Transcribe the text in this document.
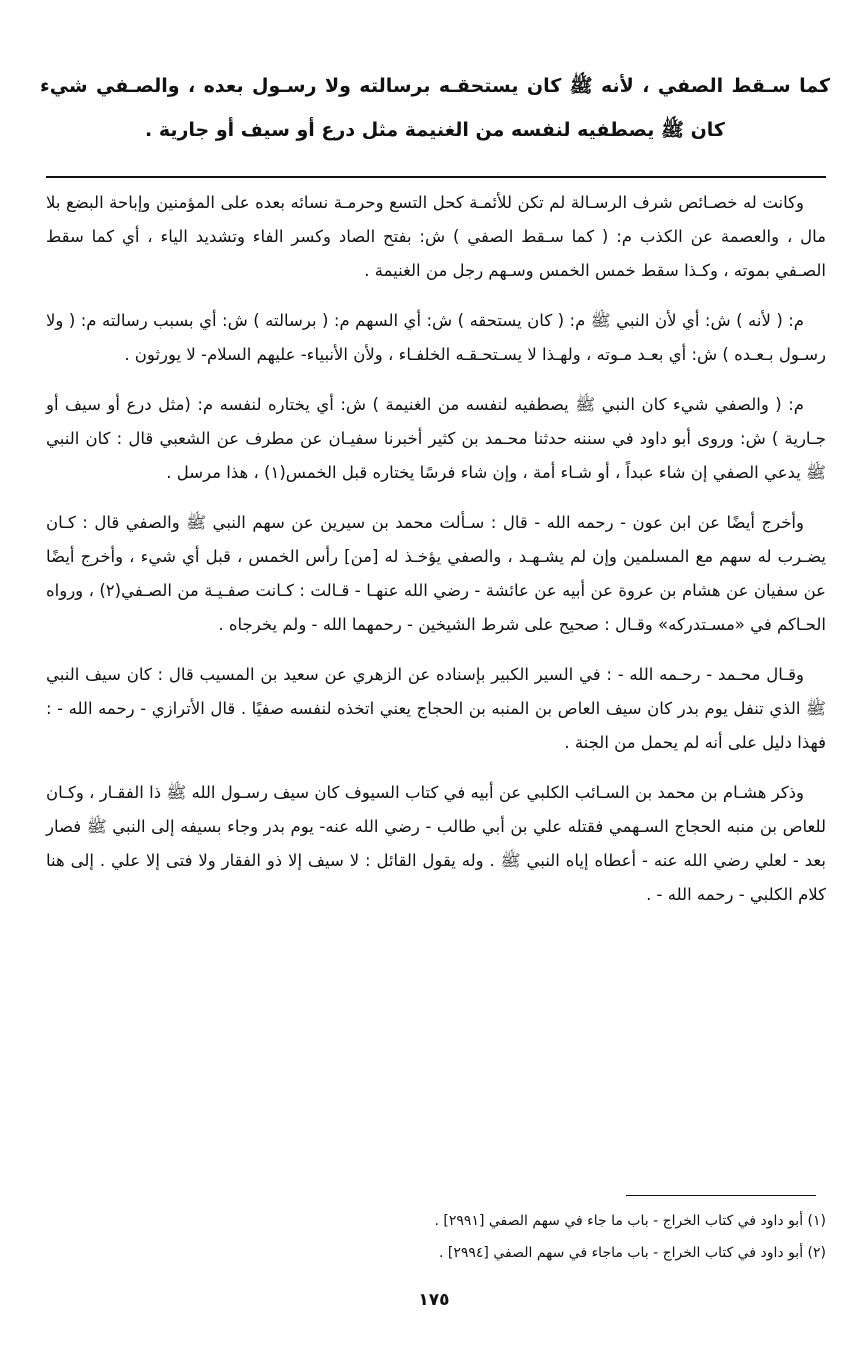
كما سـقط الصفي ، لأنه ﷺ كان يستحقـه برسالته ولا رسـول بعده ، والصـفي شيء كان ﷺ يصطفيه لنفسه من الغنيمة مثل درع أو سيف أو جارية .

وكانت له خصـائص شرف الرسـالة لم تكن للأئمـة كحل التسع وحرمـة نسائه بعده على المؤمنين وإباحة البضع بلا مال ، والعصمة عن الكذب م: ( كما سـقط الصفي ) ش: بفتح الصاد وكسر الفاء وتشديد الياء ، أي كما سقط الصـفي بموته ، وكـذا سقط خمس الخمس وسـهم رجل من الغنيمة .

م: ( لأنه ) ش: أي لأن النبي ﷺ م: ( كان يستحقه ) ش: أي السهم م: ( برسالته ) ش: أي بسبب رسالته م: ( ولا رسـول بـعـده ) ش: أي بعـد مـوته ، ولهـذا لا يسـتحـقـه الخلفـاء ، ولأن الأنبياء- عليهم السلام- لا يورثون .

م: ( والصفي شيء كان النبي ﷺ يصطفيه لنفسه من الغنيمة ) ش: أي يختاره لنفسه م: (مثل درع أو سيف أو جـارية ) ش: وروى أبو داود في سننه حدثنا محـمد بن كثير أخبرنا سفيـان عن مطرف عن الشعبي قال : كان النبي ﷺ يدعي الصفي إن شاء عبداً ، أو شـاء أمة ، وإن شاء فرسًا يختاره قبل الخمس(١) ، هذا مرسل .

وأخرج أيضًا عن ابن عون - رحمه الله - قال : سـألت محمد بن سيرين عن سهم النبي ﷺ والصفي قال : كـان يضـرب له سهم مع المسلمين وإن لم يشـهـد ، والصفي يؤخـذ له [من] رأس الخمس ، قبل أي شيء ، وأخرج أيضًا عن سفيان عن هشام بن عروة عن أبيه عن عائشة - رضي الله عنهـا - قـالت : كـانت صفـيـة من الصـفي(٢) ، ورواه الحـاكم في «مسـتدركه» وقـال : صحيح على شرط الشيخين - رحمهما الله - ولم يخرجاه .

وقـال محـمد - رحـمه الله - : في السير الكبير بإسناده عن الزهري عن سعيد بن المسيب قال : كان سيف النبي ﷺ الذي تنفل يوم بدر كان سيف العاص بن المنبه بن الحجاج يعني اتخذه لنفسه صفيًا . قال الأترازي - رحمه الله - : فهذا دليل على أنه لم يحمل من الجنة .

وذكر هشـام بن محمد بن السـائب الكلبي عن أبيه في كتاب السيوف كان سيف رسـول الله ﷺ ذا الفقـار ، وكـان للعاص بن منبه الحجاج السـهمي فقتله علي بن أبي طالب - رضي الله عنه- يوم بدر وجاء بسيفه إلى النبي ﷺ فصار بعد - لعلي رضي الله عنه - أعطاه إياه النبي ﷺ . وله يقول القائل : لا سيف إلا ذو الفقار ولا فتى إلا علي . إلى هنا كلام الكلبي - رحمه الله - .

(١) أبو داود في كتاب الخراج - باب ما جاء في سهم الصفي [٢٩٩١] .
(٢) أبو داود في كتاب الخراج - باب ماجاء في سهم الصفي [٢٩٩٤] .
١٧٥
